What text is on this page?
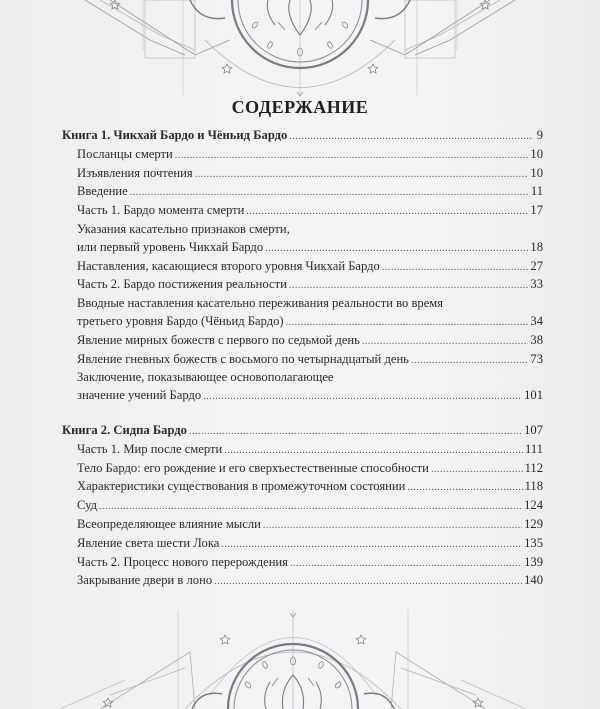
СОДЕРЖАНИЕ
Книга 1. Чикхай Бардо и Чёньид Бардо .....	9
Посланцы смерти .....	10
Изъявления почтения .....	10
Введение .....	11
Часть 1. Бардо момента смерти .....	17
Указания касательно признаков смерти,
или первый уровень Чикхай Бардо .....	18
Наставления, касающиеся второго уровня Чикхай Бардо .....	27
Часть 2. Бардо постижения реальности .....	33
Вводные наставления касательно переживания реальности во время
третьего уровня Бардо (Чёньид Бардо) .....	34
Явление мирных божеств с первого по седьмой день .....	38
Явление гневных божеств с восьмого по четырнадцатый день .....	73
Заключение, показывающее основополагающее
значение учений Бардо .....	101
Книга 2. Сидпа Бардо .....	107
Часть 1. Мир после смерти .....	111
Тело Бардо: его рождение и его сверхъестественные способности .....	112
Характеристики существования в промежуточном состоянии .....	118
Суд .....	124
Всеопределяющее влияние мысли .....	129
Явление света шести Лока .....	135
Часть 2. Процесс нового перерождения .....	139
Закрывание двери в лоно .....	140
